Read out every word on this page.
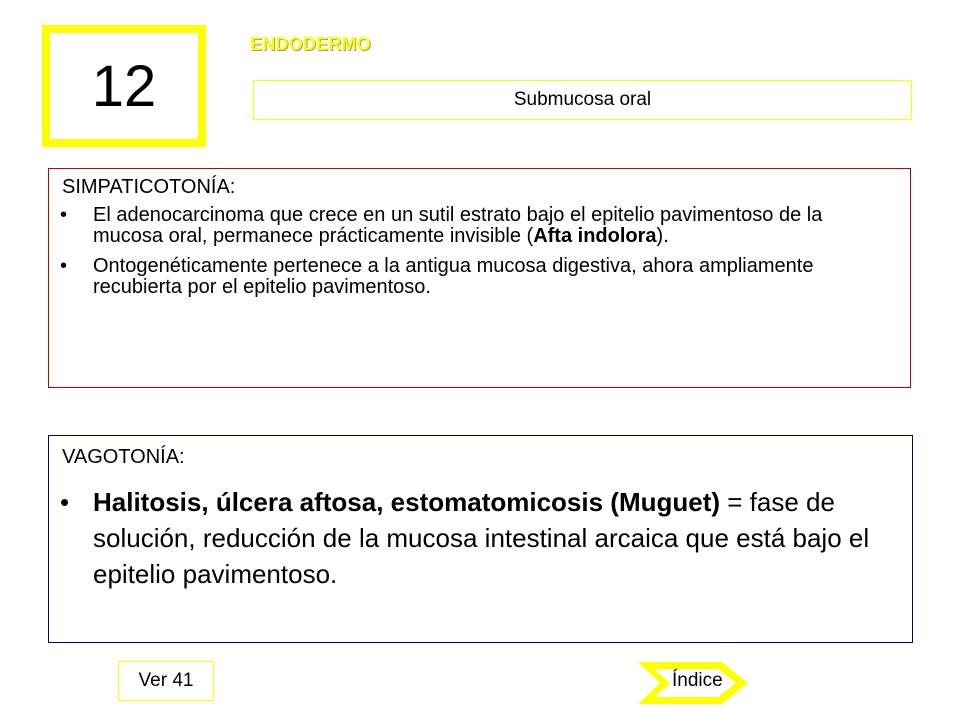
12
ENDODERMO
Submucosa oral
SIMPATICOTONÍA:
• El adenocarcinoma que crece en un sutil estrato bajo el epitelio pavimentoso de la mucosa oral, permanece prácticamente invisible (Afta indolora).
• Ontogenéticamente pertenece a la antigua mucosa digestiva, ahora ampliamente recubierta por el epitelio pavimentoso.
VAGOTONÍA:
• Halitosis, úlcera aftosa, estomatomicosis (Muguet) = fase de solución, reducción de la mucosa intestinal arcaica que está bajo el epitelio pavimentoso.
Ver 41	Índice
